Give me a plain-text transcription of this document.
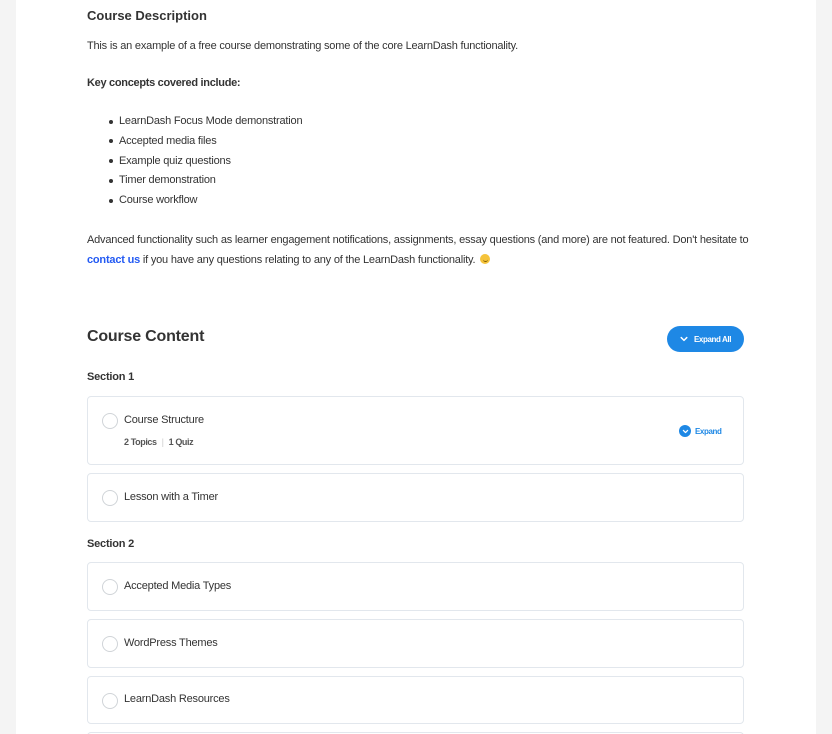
Course Description

This is an example of a free course demonstrating some of the core LearnDash functionality.

Key concepts covered include:

LearnDash Focus Mode demonstration
Accepted media files
Example quiz questions
Timer demonstration
Course workflow

Advanced functionality such as learner engagement notifications, assignments, essay questions (and more) are not featured. Don't hesitate to
contact us if you have any questions relating to any of the LearnDash functionality.

Course Content	Expand All
Section 1
Course Structure
2 Topics | 1 Quiz
Expand
Lesson with a Timer
Section 2
Accepted Media Types
WordPress Themes
LearnDash Resources
